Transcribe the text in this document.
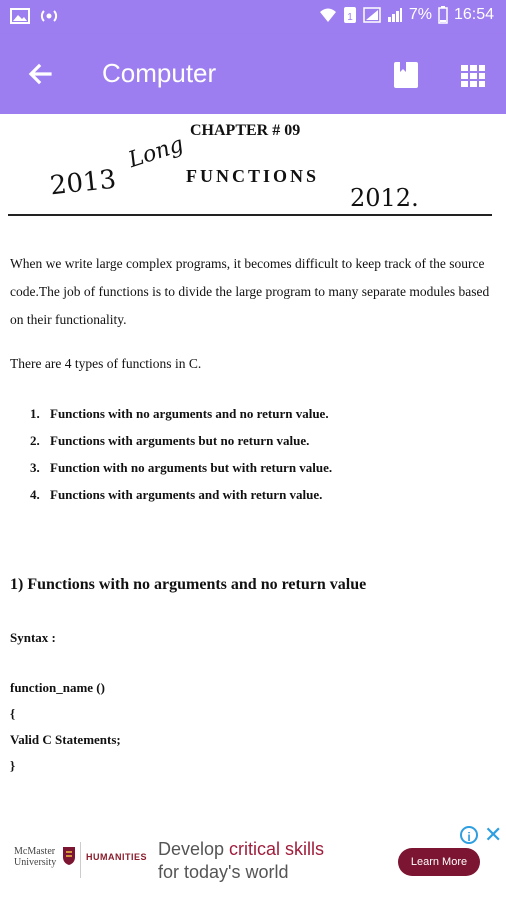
1	7% 16:54
Computer
CHAPTER # 09
FUNCTIONS
2013
Long
2012.
When we write large complex programs, it becomes difficult to keep track of the source
code.The job of functions is to divide the large program to many separate modules based
on their functionality.
There are 4 types of functions in C.
1. Functions with no arguments and no return value.
2. Functions with arguments but no return value.
3. Function with no arguments but with return value.
4. Functions with arguments and with return value.
1) Functions with no arguments and no return value
Syntax :
function_name ()
{
Valid C Statements;
}
McMaster
University	HUMANITIES Develop critical skills
for today's world	Learn More
i ✕
